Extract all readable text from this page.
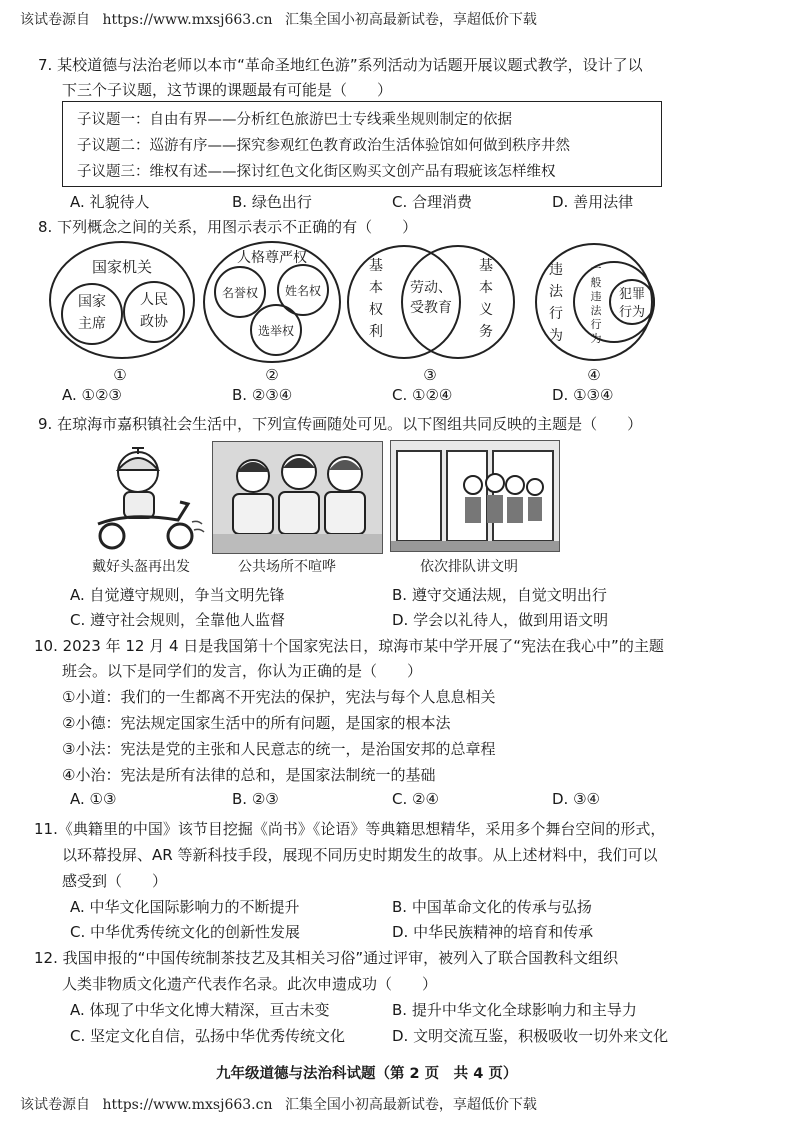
该试卷源自 https://www.mxsj663.cn 汇集全国小初高最新试卷，享超低价下载
7. 某校道德与法治老师以本市“革命圣地红色游”系列活动为话题开展议题式教学，设计了以
下三个子议题，这节课的课题最有可能是（　　）
子议题一：自由有界——分析红色旅游巴士专线乘坐规则制定的依据
子议题二：巡游有序——探究参观红色教育政治生活体验馆如何做到秩序井然
子议题三：维权有述——探讨红色文化街区购买文创产品有瑕疵该怎样维权
A. 礼貌待人	B. 绿色出行	C. 合理消费	D. 善用法律
8. 下列概念之间的关系，用图示表示不正确的有（　　）
国家机关
国家
主席
人民
政协
①
人格尊严权
名誉权 姓名权
选举权
②
基
本
权
利
劳动、
受教育
基
本
义
务
③
违
法
行
为
一
般
违
法
行
为
犯罪
行为
④
A. ①②③	B. ②③④	C. ①②④	D. ①③④
9. 在琼海市嘉积镇社会生活中，下列宣传画随处可见。以下图组共同反映的主题是（　　）
戴好头盔再出发	公共场所不喧哗	依次排队讲文明
A. 自觉遵守规则，争当文明先锋	B. 遵守交通法规，自觉文明出行
C. 遵守社会规则，全靠他人监督	D. 学会以礼待人，做到用语文明
10. 2023 年 12 月 4 日是我国第十个国家宪法日，琼海市某中学开展了“宪法在我心中”的主题
班会。以下是同学们的发言，你认为正确的是（　　）
①小道：我们的一生都离不开宪法的保护，宪法与每个人息息相关
②小德：宪法规定国家生活中的所有问题，是国家的根本法
③小法：宪法是党的主张和人民意志的统一，是治国安邦的总章程
④小治：宪法是所有法律的总和，是国家法制统一的基础
A. ①③	B. ②③	C. ②④	D. ③④
11.《典籍里的中国》该节目挖掘《尚书》《论语》等典籍思想精华，采用多个舞台空间的形式，
以环幕投屏、AR 等新科技手段，展现不同历史时期发生的故事。从上述材料中，我们可以
感受到（　　）
A. 中华文化国际影响力的不断提升	B. 中国革命文化的传承与弘扬
C. 中华优秀传统文化的创新性发展	D. 中华民族精神的培育和传承
12. 我国申报的“中国传统制茶技艺及其相关习俗”通过评审，被列入了联合国教科文组织
人类非物质文化遗产代表作名录。此次申遗成功（　　）
A. 体现了中华文化博大精深，亘古未变	B. 提升中华文化全球影响力和主导力
C. 坚定文化自信，弘扬中华优秀传统文化	D. 文明交流互鉴，积极吸收一切外来文化
九年级道德与法治科试题（第 2 页　共 4 页）
该试卷源自 https://www.mxsj663.cn 汇集全国小初高最新试卷，享超低价下载
